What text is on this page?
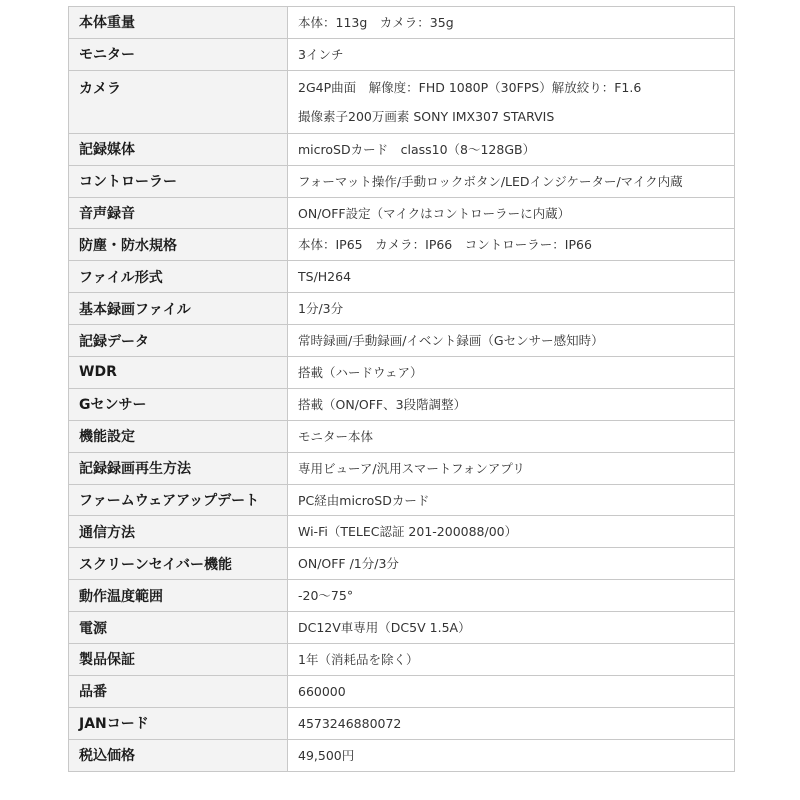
本体重量	本体：113g　カメラ：35g

モニター	3インチ

カメラ	2G4P曲面　解像度：FHD 1080P（30FPS）解放絞り：F1.6
撮像素子200万画素 SONY IMX307 STARVIS

記録媒体	microSDカード　class10（8～128GB）

コントローラー	フォーマット操作/手動ロックボタン/LEDインジケーター/マイク内蔵

音声録音	ON/OFF設定（マイクはコントローラーに内蔵）

防塵・防水規格	本体：IP65　カメラ：IP66　コントローラー：IP66

ファイル形式	TS/H264

基本録画ファイル	1分/3分

記録データ	常時録画/手動録画/イベント録画（Gセンサー感知時）

WDR	搭載（ハードウェア）

Gセンサー	搭載（ON/OFF、3段階調整）

機能設定	モニター本体

記録録画再生方法	専用ビューア/汎用スマートフォンアプリ

ファームウェアアップデート	PC経由microSDカード

通信方法	Wi-Fi（TELEC認証 201-200088/00）

スクリーンセイバー機能	ON/OFF /1分/3分

動作温度範囲	-20～75°

電源	DC12V車専用（DC5V 1.5A）

製品保証	1年（消耗品を除く）

品番	660000

JANコード	4573246880072

税込価格	49,500円
